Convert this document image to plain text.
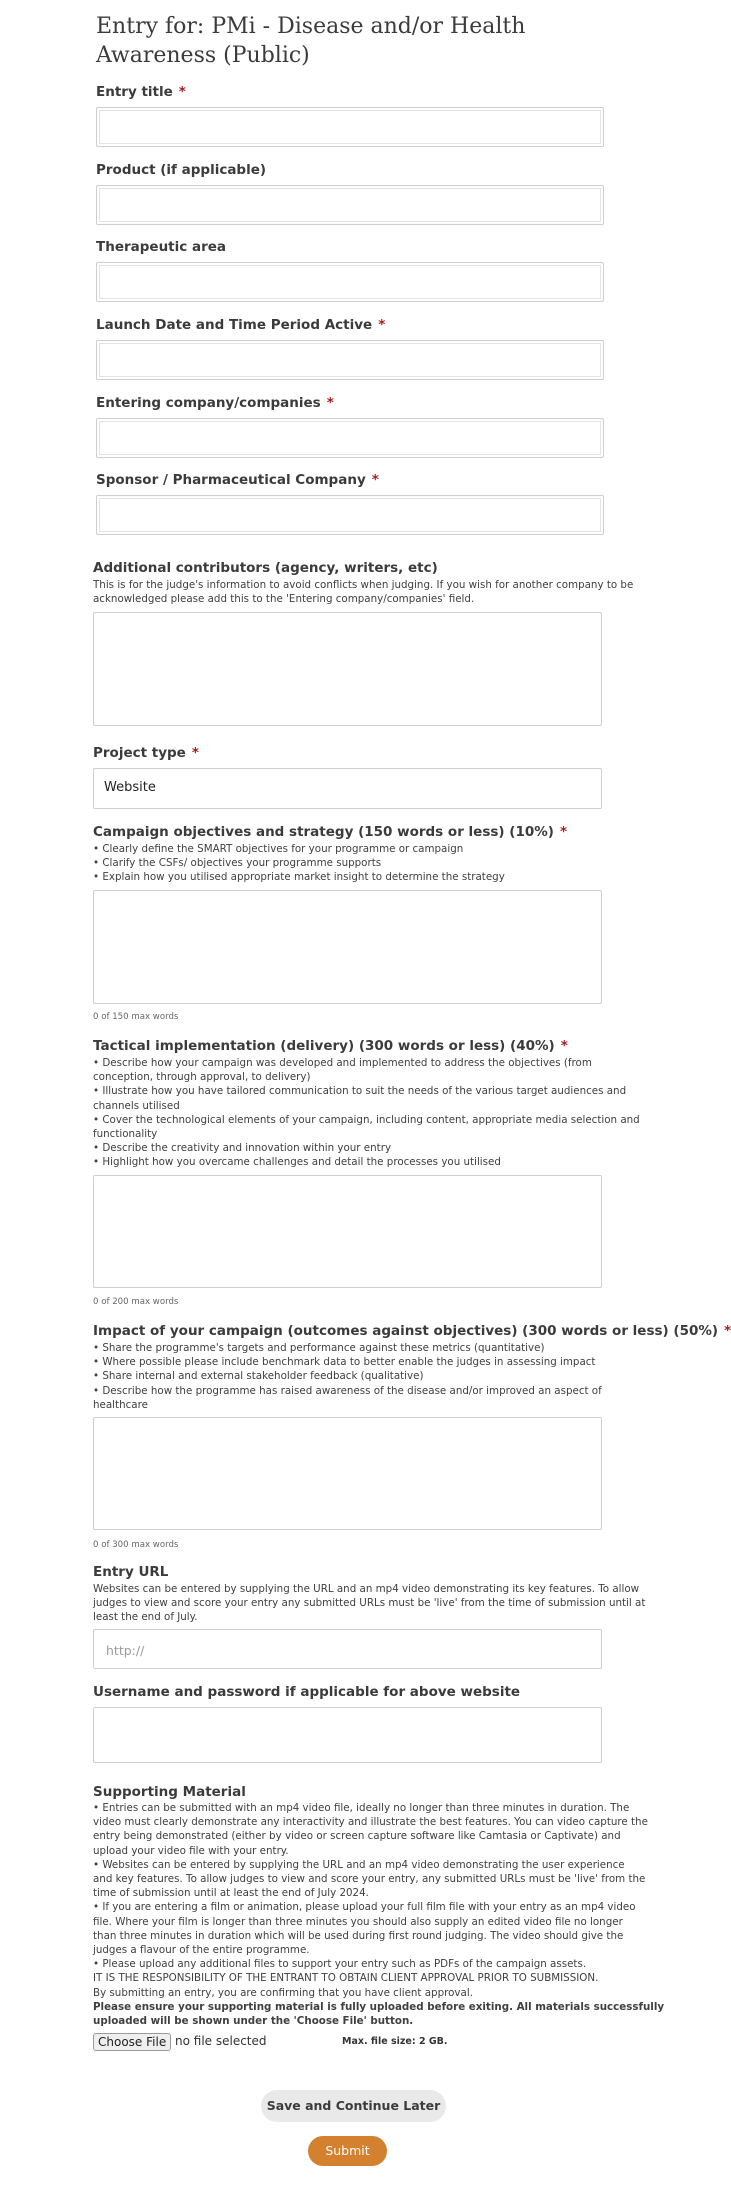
Entry for: PMi - Disease and/or Health Awareness (Public)
Entry title *
Product (if applicable)
Therapeutic area
Launch Date and Time Period Active *
Entering company/companies *
Sponsor / Pharmaceutical Company *
Additional contributors (agency, writers, etc)
This is for the judge's information to avoid conflicts when judging. If you wish for another company to be
acknowledged please add this to the 'Entering company/companies' field.
Project type *
Website
Campaign objectives and strategy (150 words or less) (10%) *
• Clearly define the SMART objectives for your programme or campaign
• Clarify the CSFs/ objectives your programme supports
• Explain how you utilised appropriate market insight to determine the strategy
0 of 150 max words
Tactical implementation (delivery) (300 words or less) (40%) *
• Describe how your campaign was developed and implemented to address the objectives (from
conception, through approval, to delivery)
• Illustrate how you have tailored communication to suit the needs of the various target audiences and
channels utilised
• Cover the technological elements of your campaign, including content, appropriate media selection and
functionality
• Describe the creativity and innovation within your entry
• Highlight how you overcame challenges and detail the processes you utilised
0 of 200 max words
Impact of your campaign (outcomes against objectives) (300 words or less) (50%) *
• Share the programme's targets and performance against these metrics (quantitative)
• Where possible please include benchmark data to better enable the judges in assessing impact
• Share internal and external stakeholder feedback (qualitative)
• Describe how the programme has raised awareness of the disease and/or improved an aspect of
healthcare
0 of 300 max words
Entry URL
Websites can be entered by supplying the URL and an mp4 video demonstrating its key features. To allow
judges to view and score your entry any submitted URLs must be 'live' from the time of submission until at
least the end of July.
http://
Username and password if applicable for above website
Supporting Material
• Entries can be submitted with an mp4 video file, ideally no longer than three minutes in duration. The
video must clearly demonstrate any interactivity and illustrate the best features. You can video capture the
entry being demonstrated (either by video or screen capture software like Camtasia or Captivate) and
upload your video file with your entry.
• Websites can be entered by supplying the URL and an mp4 video demonstrating the user experience
and key features. To allow judges to view and score your entry, any submitted URLs must be 'live' from the
time of submission until at least the end of July 2024.
• If you are entering a film or animation, please upload your full film file with your entry as an mp4 video
file. Where your film is longer than three minutes you should also supply an edited video file no longer
than three minutes in duration which will be used during first round judging. The video should give the
judges a flavour of the entire programme.
• Please upload any additional files to support your entry such as PDFs of the campaign assets.
IT IS THE RESPONSIBILITY OF THE ENTRANT TO OBTAIN CLIENT APPROVAL PRIOR TO SUBMISSION.
By submitting an entry, you are confirming that you have client approval.
Please ensure your supporting material is fully uploaded before exiting. All materials successfully
uploaded will be shown under the 'Choose File' button.
Choose File no file selected	Max. file size: 2 GB.
Save and Continue Later
Submit
